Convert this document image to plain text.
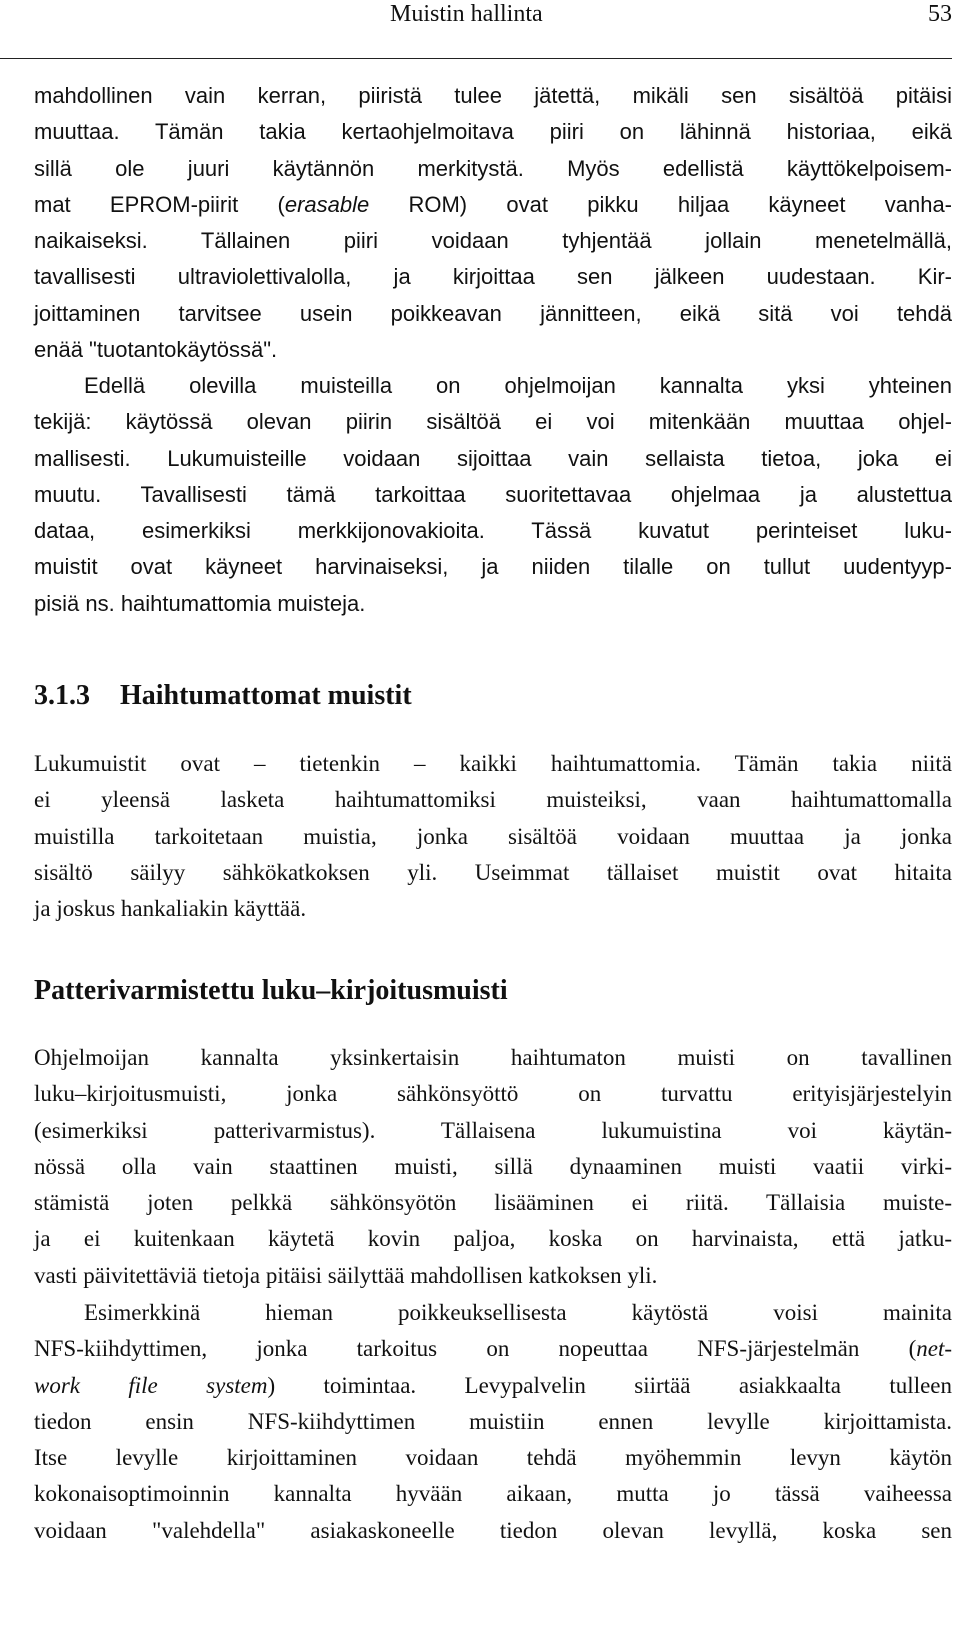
Muistin hallinta	53

mahdollinen vain kerran, piiristä tulee jätettä, mikäli sen sisältöä pitäisi
muuttaa. Tämän takia kertaohjelmoitava piiri on lähinnä historiaa, eikä
sillä ole juuri käytännön merkitystä. Myös edellistä käyttökelpoisem-
mat EPROM-piirit (erasable ROM) ovat pikku hiljaa käyneet vanha-
naikaiseksi. Tällainen piiri voidaan tyhjentää jollain menetelmällä,
tavallisesti ultraviolettivalolla, ja kirjoittaa sen jälkeen uudestaan. Kir-
joittaminen tarvitsee usein poikkeavan jännitteen, eikä sitä voi tehdä
enää "tuotantokäytössä".

Edellä olevilla muisteilla on ohjelmoijan kannalta yksi yhteinen
tekijä: käytössä olevan piirin sisältöä ei voi mitenkään muuttaa ohjel-
mallisesti. Lukumuisteille voidaan sijoittaa vain sellaista tietoa, joka ei
muutu. Tavallisesti tämä tarkoittaa suoritettavaa ohjelmaa ja alustettua
dataa, esimerkiksi merkkijonovakioita. Tässä kuvatut perinteiset luku-
muistit ovat käyneet harvinaiseksi, ja niiden tilalle on tullut uudentyyp-
pisiä ns. haihtumattomia muisteja.

3.1.3 Haihtumattomat muistit

Lukumuistit ovat – tietenkin – kaikki haihtumattomia. Tämän takia niitä
ei yleensä lasketa haihtumattomiksi muisteiksi, vaan haihtumattomalla
muistilla tarkoitetaan muistia, jonka sisältöä voidaan muuttaa ja jonka
sisältö säilyy sähkökatkoksen yli. Useimmat tällaiset muistit ovat hitaita
ja joskus hankaliakin käyttää.

Patterivarmistettu luku–kirjoitusmuisti

Ohjelmoijan kannalta yksinkertaisin haihtumaton muisti on tavallinen
luku–kirjoitusmuisti, jonka sähkönsyöttö on turvattu erityisjärjestelyin
(esimerkiksi patterivarmistus). Tällaisena lukumuistina voi käytän-
nössä olla vain staattinen muisti, sillä dynaaminen muisti vaatii virki-
stämistä joten pelkkä sähkönsyötön lisääminen ei riitä. Tällaisia muiste-
ja ei kuitenkaan käytetä kovin paljoa, koska on harvinaista, että jatku-
vasti päivitettäviä tietoja pitäisi säilyttää mahdollisen katkoksen yli.

Esimerkkinä hieman poikkeuksellisesta käytöstä voisi mainita
NFS-kiihdyttimen, jonka tarkoitus on nopeuttaa NFS-järjestelmän (net-
work file system) toimintaa. Levypalvelin siirtää asiakkaalta tulleen
tiedon ensin NFS-kiihdyttimen muistiin ennen levylle kirjoittamista.
Itse levylle kirjoittaminen voidaan tehdä myöhemmin levyn käytön
kokonaisoptimoinnin kannalta hyvään aikaan, mutta jo tässä vaiheessa
voidaan "valehdella" asiakaskoneelle tiedon olevan levyllä, koska sen
